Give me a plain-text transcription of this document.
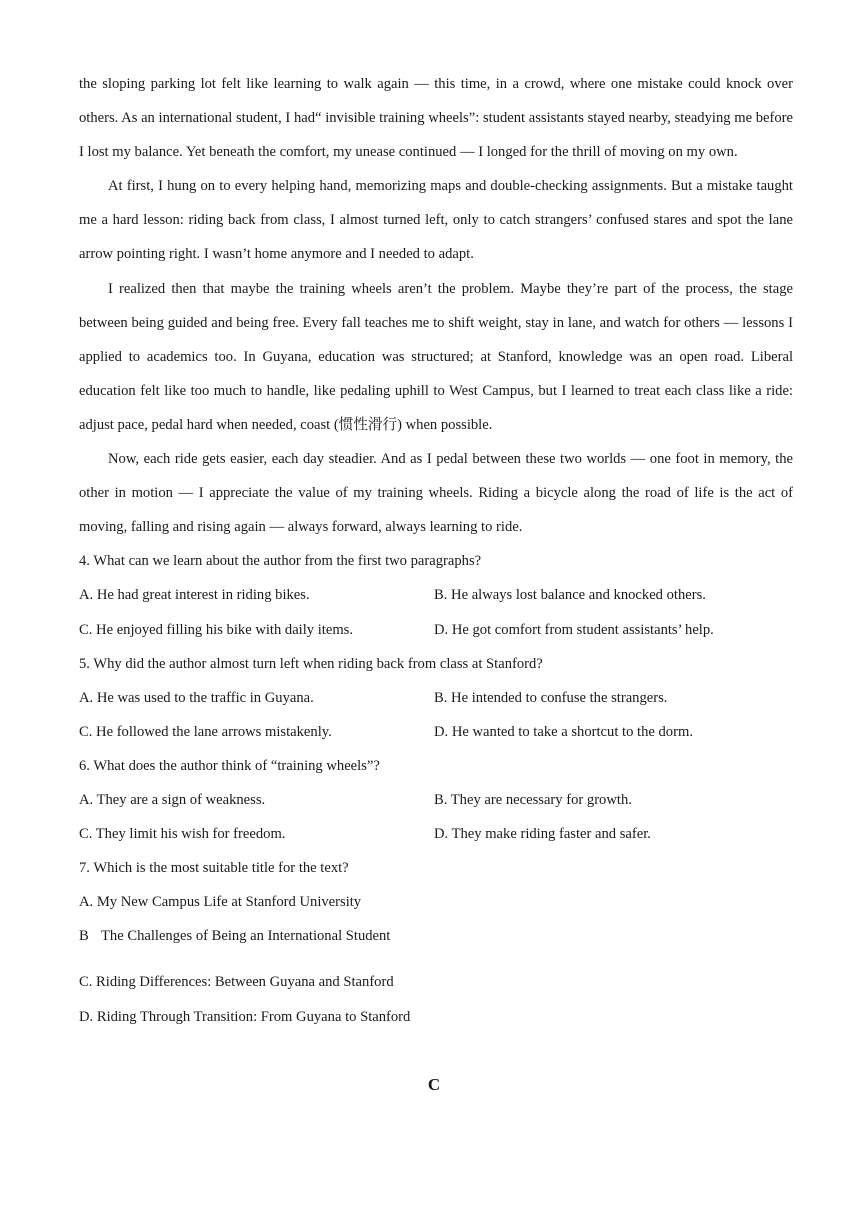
the sloping parking lot felt like learning to walk again — this time, in a crowd, where one mistake could knock over others. As an international student, I had“ invisible training wheels”: student assistants stayed nearby, steadying me before I lost my balance. Yet beneath the comfort, my unease continued — I longed for the thrill of moving on my own.

At first, I hung on to every helping hand, memorizing maps and double-checking assignments. But a mistake taught me a hard lesson: riding back from class, I almost turned left, only to catch strangers’ confused stares and spot the lane arrow pointing right. I wasn’t home anymore and I needed to adapt.

I realized then that maybe the training wheels aren’t the problem. Maybe they’re part of the process, the stage between being guided and being free. Every fall teaches me to shift weight, stay in lane, and watch for others — lessons I applied to academics too. In Guyana, education was structured; at Stanford, knowledge was an open road. Liberal education felt like too much to handle, like pedaling uphill to West Campus, but I learned to treat each class like a ride: adjust pace, pedal hard when needed, coast (惯性滑行) when possible.

Now, each ride gets easier, each day steadier. And as I pedal between these two worlds — one foot in memory, the other in motion — I appreciate the value of my training wheels. Riding a bicycle along the road of life is the act of moving, falling and rising again — always forward, always learning to ride.

4. What can we learn about the author from the first two paragraphs?

A. He had great interest in riding bikes.	B. He always lost balance and knocked others.
C. He enjoyed filling his bike with daily items.	D. He got comfort from student assistants’ help.

5. Why did the author almost turn left when riding back from class at Stanford?

A. He was used to the traffic in Guyana.	B. He intended to confuse the strangers.
C. He followed the lane arrows mistakenly.	D. He wanted to take a shortcut to the dorm.

6. What does the author think of “training wheels”?

A. They are a sign of weakness.	B. They are necessary for growth.
C. They limit his wish for freedom.	D. They make riding faster and safer.

7. Which is the most suitable title for the text?

A. My New Campus Life at Stanford University
B The Challenges of Being an International Student
C. Riding Differences: Between Guyana and Stanford
D. Riding Through Transition: From Guyana to Stanford
C
